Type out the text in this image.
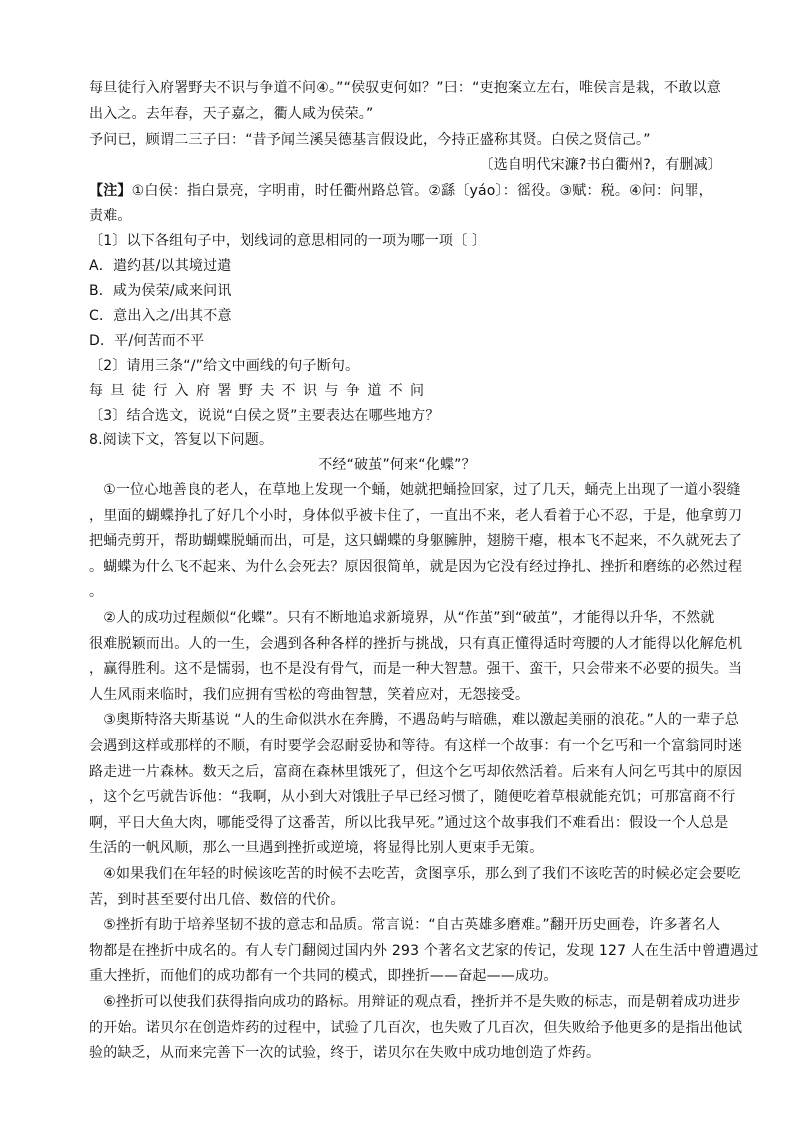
每旦徒行入府署野夫不识与争道不问④。”“侯驭吏何如？”曰：“吏抱案立左右，唯侯言是栽，不敢以意
出入之。去年春，天子嘉之，衢人咸为侯荣。”
予问已，顾谓二三子曰：“昔予闻兰溪吴德基言假设此，今持正盛称其贤。白侯之贤信己。”
〔选自明代宋濂?书白衢州?，有删减〕
【注】①白侯：指白景亮，字明甫，时任衢州路总管。②繇〔yáo〕：徭役。③赋：税。④问：问罪，
责难。
〔1〕以下各组句子中，划线词的意思相同的一项为哪一项〔 〕
A．遣约甚/以其境过遣
B．咸为侯荣/咸来问讯
C．意出入之/出其不意
D．平/何苦而不平
〔2〕请用三条“/”给文中画线的句子断句。
每旦徒行入府署野夫不识与争道不问
〔3〕结合选文，说说“白侯之贤”主要表达在哪些地方？
8.阅读下文，答复以下问题。
不经“破茧”何来“化蝶”？
　①一位心地善良的老人，在草地上发现一个蛹，她就把蛹捡回家，过了几天，蛹壳上出现了一道小裂缝
，里面的蝴蝶挣扎了好几个小时，身体似乎被卡住了，一直出不来，老人看着于心不忍，于是，他拿剪刀
把蛹壳剪开，帮助蝴蝶脱蛹而出，可是，这只蝴蝶的身躯臃肿，翅膀干瘪，根本飞不起来，不久就死去了
。蝴蝶为什么飞不起来、为什么会死去？原因很简单，就是因为它没有经过挣扎、挫折和磨练的必然过程
。
　②人的成功过程颇似“化蝶”。只有不断地追求新境界，从“作茧”到“破茧”，才能得以升华，不然就
很难脱颖而出。人的一生，会遇到各种各样的挫折与挑战，只有真正懂得适时弯腰的人才能得以化解危机
，赢得胜利。这不是懦弱，也不是没有骨气，而是一种大智慧。强干、蛮干，只会带来不必要的损失。当
人生风雨来临时，我们应拥有雪松的弯曲智慧，笑着应对，无怨接受。
　③奥斯特洛夫斯基说 “人的生命似洪水在奔腾，不遇岛屿与暗礁，难以激起美丽的浪花。”人的一辈子总
会遇到这样或那样的不顺，有时要学会忍耐妥协和等待。有这样一个故事：有一个乞丐和一个富翁同时迷
路走进一片森林。数天之后，富商在森林里饿死了，但这个乞丐却依然活着。后来有人问乞丐其中的原因
，这个乞丐就告诉他：“我啊，从小到大对饿肚子早已经习惯了，随便吃着草根就能充饥；可那富商不行
啊，平日大鱼大肉，哪能受得了这番苦，所以比我早死。”通过这个故事我们不难看出：假设一个人总是
生活的一帆风顺，那么一旦遇到挫折或逆境，将显得比别人更束手无策。
　④如果我们在年轻的时候该吃苦的时候不去吃苦，贪图享乐，那么到了我们不该吃苦的时候必定会要吃
苦，到时甚至要付出几倍、数倍的代价。
　⑤挫折有助于培养坚韧不拔的意志和品质。常言说：“自古英雄多磨难。”翻开历史画卷，许多著名人
物都是在挫折中成名的。有人专门翻阅过国内外 293 个著名文艺家的传记，发现 127 人在生活中曾遭遇过
重大挫折，而他们的成功都有一个共同的模式，即挫折——奋起——成功。
　⑥挫折可以使我们获得指向成功的路标。用辩证的观点看，挫折并不是失败的标志，而是朝着成功进步
的开始。诺贝尔在创造炸药的过程中，试验了几百次，也失败了几百次，但失败给予他更多的是指出他试
验的缺乏，从而来完善下一次的试验，终于，诺贝尔在失败中成功地创造了炸药。
